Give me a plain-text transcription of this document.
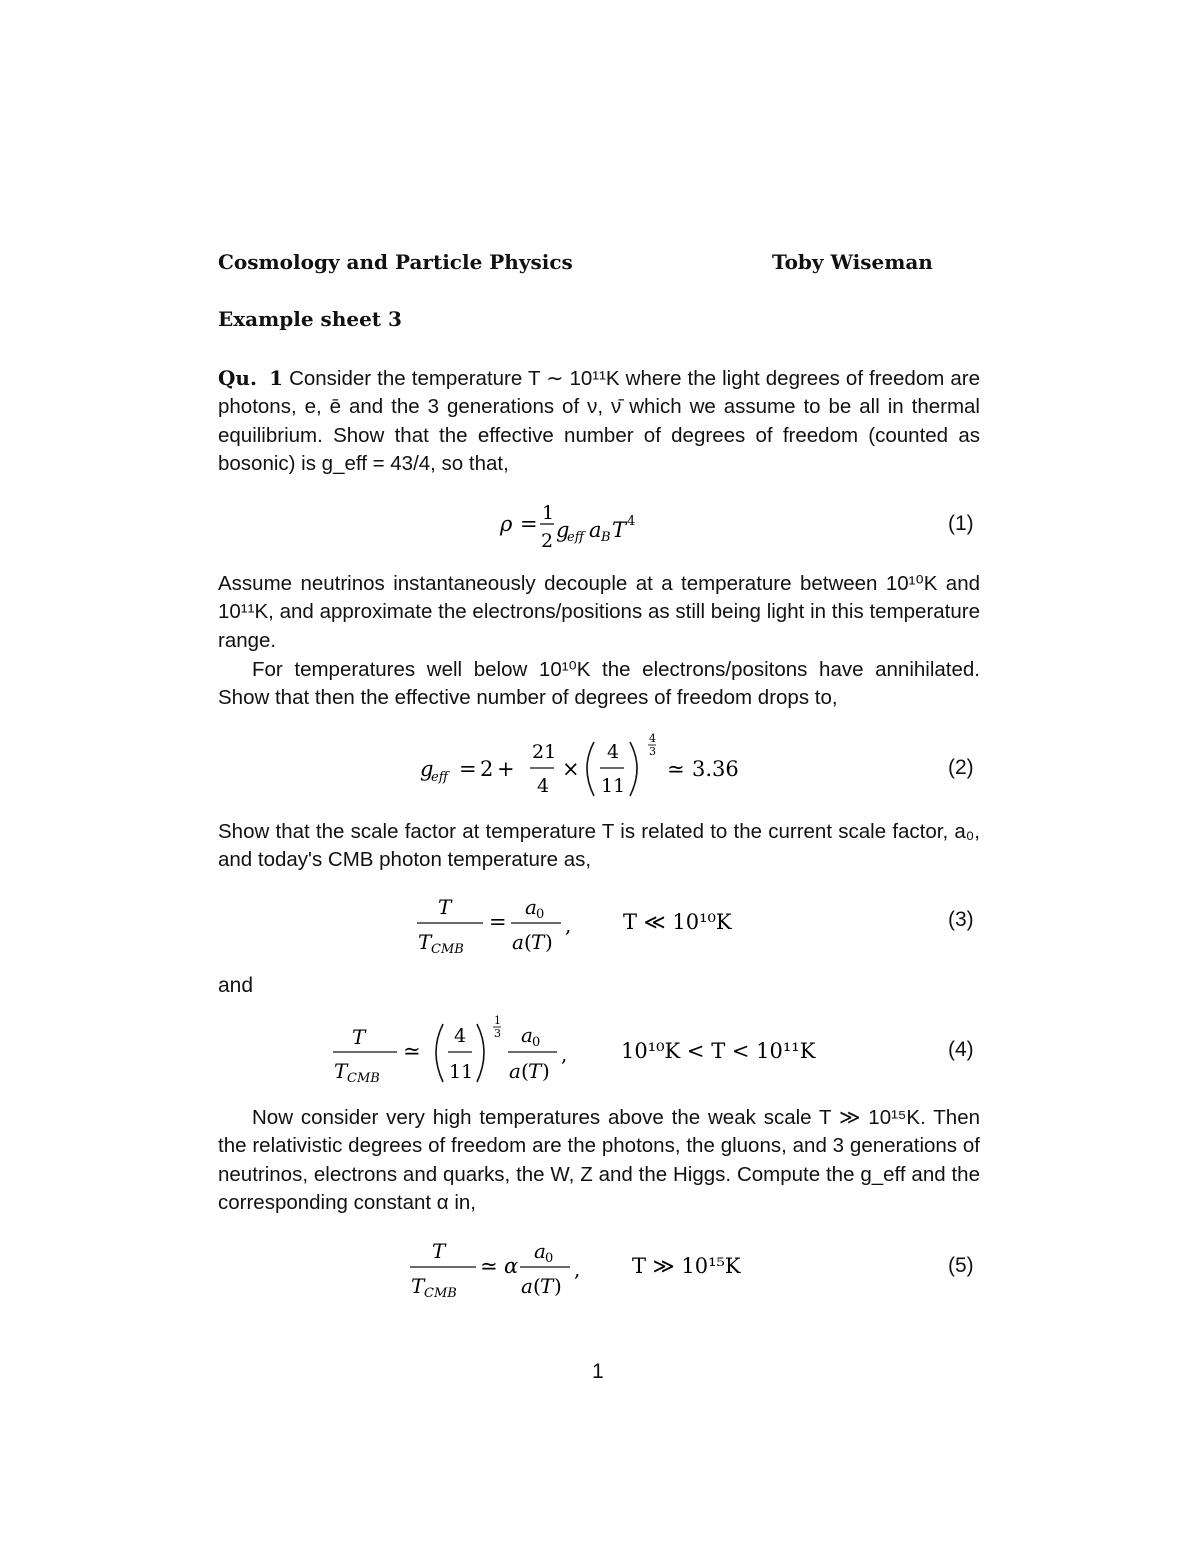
Cosmology and Particle Physics	Toby Wiseman
Example sheet 3
Qu. 1 Consider the temperature T ∼ 10¹¹K where the light degrees of freedom are photons, e, ē and the 3 generations of ν, ν̄ which we assume to be all in thermal equilibrium. Show that the effective number of degrees of freedom (counted as bosonic) is g_eff = 43/4, so that,
ρ = 1
2 g
eff a B T 4	(1)
Assume neutrinos instantaneously decouple at a temperature between 10¹⁰K and 10¹¹K, and approximate the electrons/positions as still being light in this temperature range.
For temperatures well below 10¹⁰K the electrons/positons have annihilated. Show that then the effective number of degrees of freedom drops to,
g
eff = 2 +
21
4
×
4
11
4
3
≃ 3.36	(2)
Show that the scale factor at temperature T is related to the current scale factor, a₀, and today's CMB photon temperature as,
T
T CMB
=
a 0
a ( T )
, T ≪ 10¹⁰K	(3)
and
T
T CMB
≃
4
11
1
3 a 0
a ( T )
,	10¹⁰K < T < 10¹¹K	(4)
Now consider very high temperatures above the weak scale T ≫ 10¹⁵K. Then the relativistic degrees of freedom are the photons, the gluons, and 3 generations of neutrinos, electrons and quarks, the W, Z and the Higgs. Compute the g_eff and the corresponding constant α in,
T
T CMB
≃ α
a 0
a ( T )
, T ≫ 10¹⁵K	(5)
1
